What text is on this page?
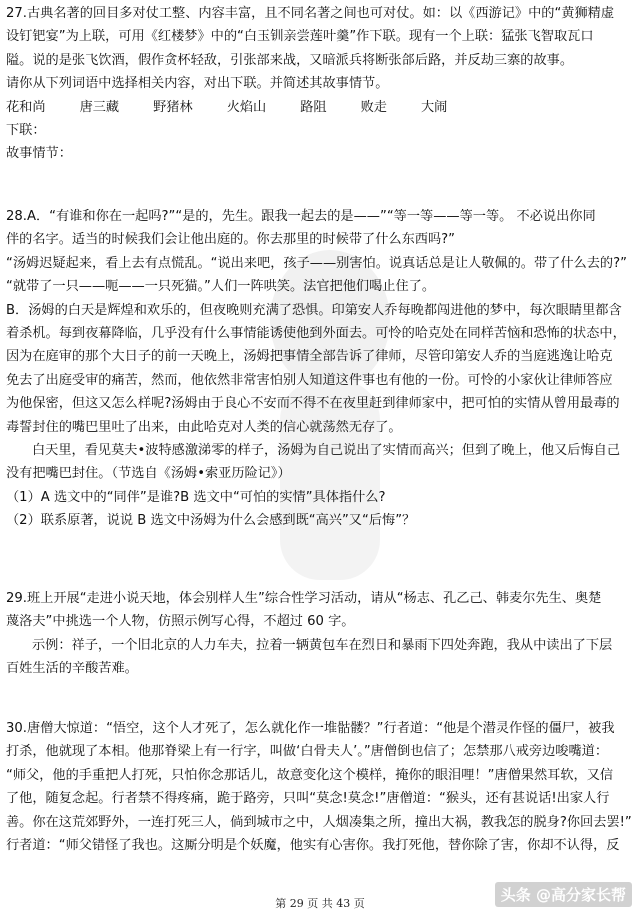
27.古典名著的回目多对仗工整、内容丰富，且不同名著之间也可对仗。如：以《西游记》中的“黄狮精虚

设钉钯宴”为上联，可用《红楼梦》中的“白玉钏亲尝莲叶羹”作下联。现有一个上联：猛张飞智取瓦口

隘。说的是张飞饮酒，假作贪杯轻敌，引张部来战，又暗派兵将断张郃后路，并反劫三寨的故事。

请你从下列词语中选择相关内容，对出下联。并简述其故事情节。

花和尚	唐三藏	野猪林	火焰山	路阻	败走	大闹

下联：

故事情节：

28.A．“有谁和你在一起吗?”“是的，先生。跟我一起去的是——”“等一等——等一等。 不必说出你同

伴的名字。适当的时候我们会让他出庭的。你去那里的时候带了什么东西吗?”

“汤姆迟疑起来，看上去有点慌乱。“说出来吧，孩子——别害怕。说真话总是让人敬佩的。带了什么去的?”

“就带了一只——呃——一只死猫。”人们一阵哄笑。法官把他们喝止住了。

B．汤姆的白天是辉煌和欢乐的，但夜晚则充满了恐惧。印第安人乔每晚都闯进他的梦中，每次眼睛里都含

着杀机。每到夜幕降临，几乎没有什么事情能诱使他到外面去。可怜的哈克处在同样苦恼和恐怖的状态中，

因为在庭审的那个大日子的前一天晚上，汤姆把事情全部告诉了律师，尽管印第安人乔的当庭逃逸让哈克

免去了出庭受审的痛苦，然而，他依然非常害怕别人知道这件事也有他的一份。可怜的小家伙让律师答应

为他保密，但这又怎么样呢?汤姆由于良心不安而不得不在夜里赶到律师家中，把可怕的实情从曾用最毒的

毒誓封住的嘴巴里吐了出来，由此哈克对人类的信心就荡然无存了。

白天里，看见莫夫•波特感激涕零的样子，汤姆为自己说出了实情而高兴；但到了晚上，他又后悔自己

没有把嘴巴封住。（节选自《汤姆•索亚历险记》）

（1）A 选文中的“同伴”是谁?B 选文中“可怕的实情”具体指什么?

（2）联系原著，说说 B 选文中汤姆为什么会感到既“高兴”又“后悔”？

29.班上开展“走进小说天地，体会别样人生”综合性学习活动，请从“杨志、孔乙己、韩麦尔先生、奥楚

蔑洛夫”中挑选一个人物，仿照示例写心得，不超过 60 字。

示例：祥子，一个旧北京的人力车夫，拉着一辆黄包车在烈日和暴雨下四处奔跑，我从中读出了下层

百姓生活的辛酸苦难。

30.唐僧大惊道：“悟空，这个人才死了，怎么就化作一堆骷髅？”行者道：“他是个潜灵作怪的僵尸，被我

打杀，他就现了本相。他那脊梁上有一行字，叫做‘白骨夫人’。”唐僧倒也信了；怎禁那八戒旁边唆嘴道：

“师父，他的手重把人打死，只怕你念那话儿，故意变化这个模样，掩你的眼泪哩！”唐僧果然耳软，又信

了他，随复念起。行者禁不得疼痛，跪于路旁，只叫“莫念!莫念!”唐僧道：“猴头，还有甚说话!出家人行

善。你在这荒郊野外，一连打死三人，倘到城市之中，人烟凑集之所，撞出大祸，教我怎的脱身?你回去罢!”

行者道：“师父错怪了我也。这厮分明是个妖魔，他实有心害你。我打死他，替你除了害，你却不认得，反

第 29 页 共 43 页	头条 @高分家长帮
